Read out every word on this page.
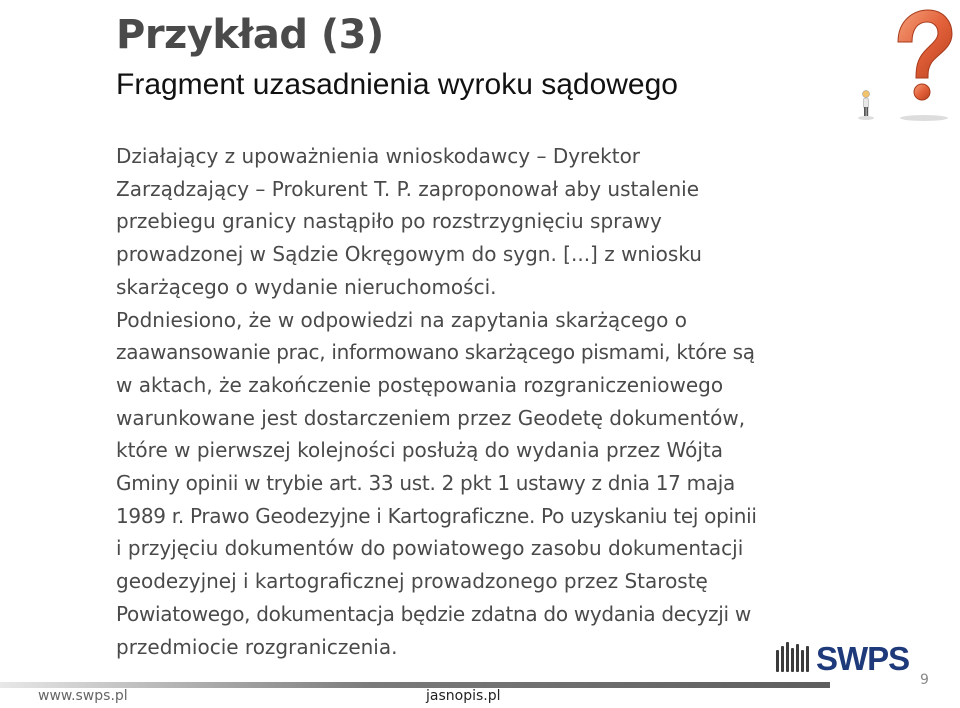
Przykład (3)
Fragment uzasadnienia wyroku sądowego
Działający z upoważnienia wnioskodawcy – Dyrektor
Zarządzający – Prokurent T. P. zaproponował aby ustalenie
przebiegu granicy nastąpiło po rozstrzygnięciu sprawy
prowadzonej w Sądzie Okręgowym do sygn. [...] z wniosku
skarżącego o wydanie nieruchomości.
Podniesiono, że w odpowiedzi na zapytania skarżącego o
zaawansowanie prac, informowano skarżącego pismami, które są
w aktach, że zakończenie postępowania rozgraniczeniowego
warunkowane jest dostarczeniem przez Geodetę dokumentów,
które w pierwszej kolejności posłużą do wydania przez Wójta
Gminy opinii w trybie art. 33 ust. 2 pkt 1 ustawy z dnia 17 maja
1989 r. Prawo Geodezyjne i Kartograficzne. Po uzyskaniu tej opinii
i przyjęciu dokumentów do powiatowego zasobu dokumentacji
geodezyjnej i kartograficznej prowadzonego przez Starostę
Powiatowego, dokumentacja będzie zdatna do wydania decyzji w
przedmiocie rozgraniczenia.	SWPS
www.swps.pl	jasnopis.pl
9
